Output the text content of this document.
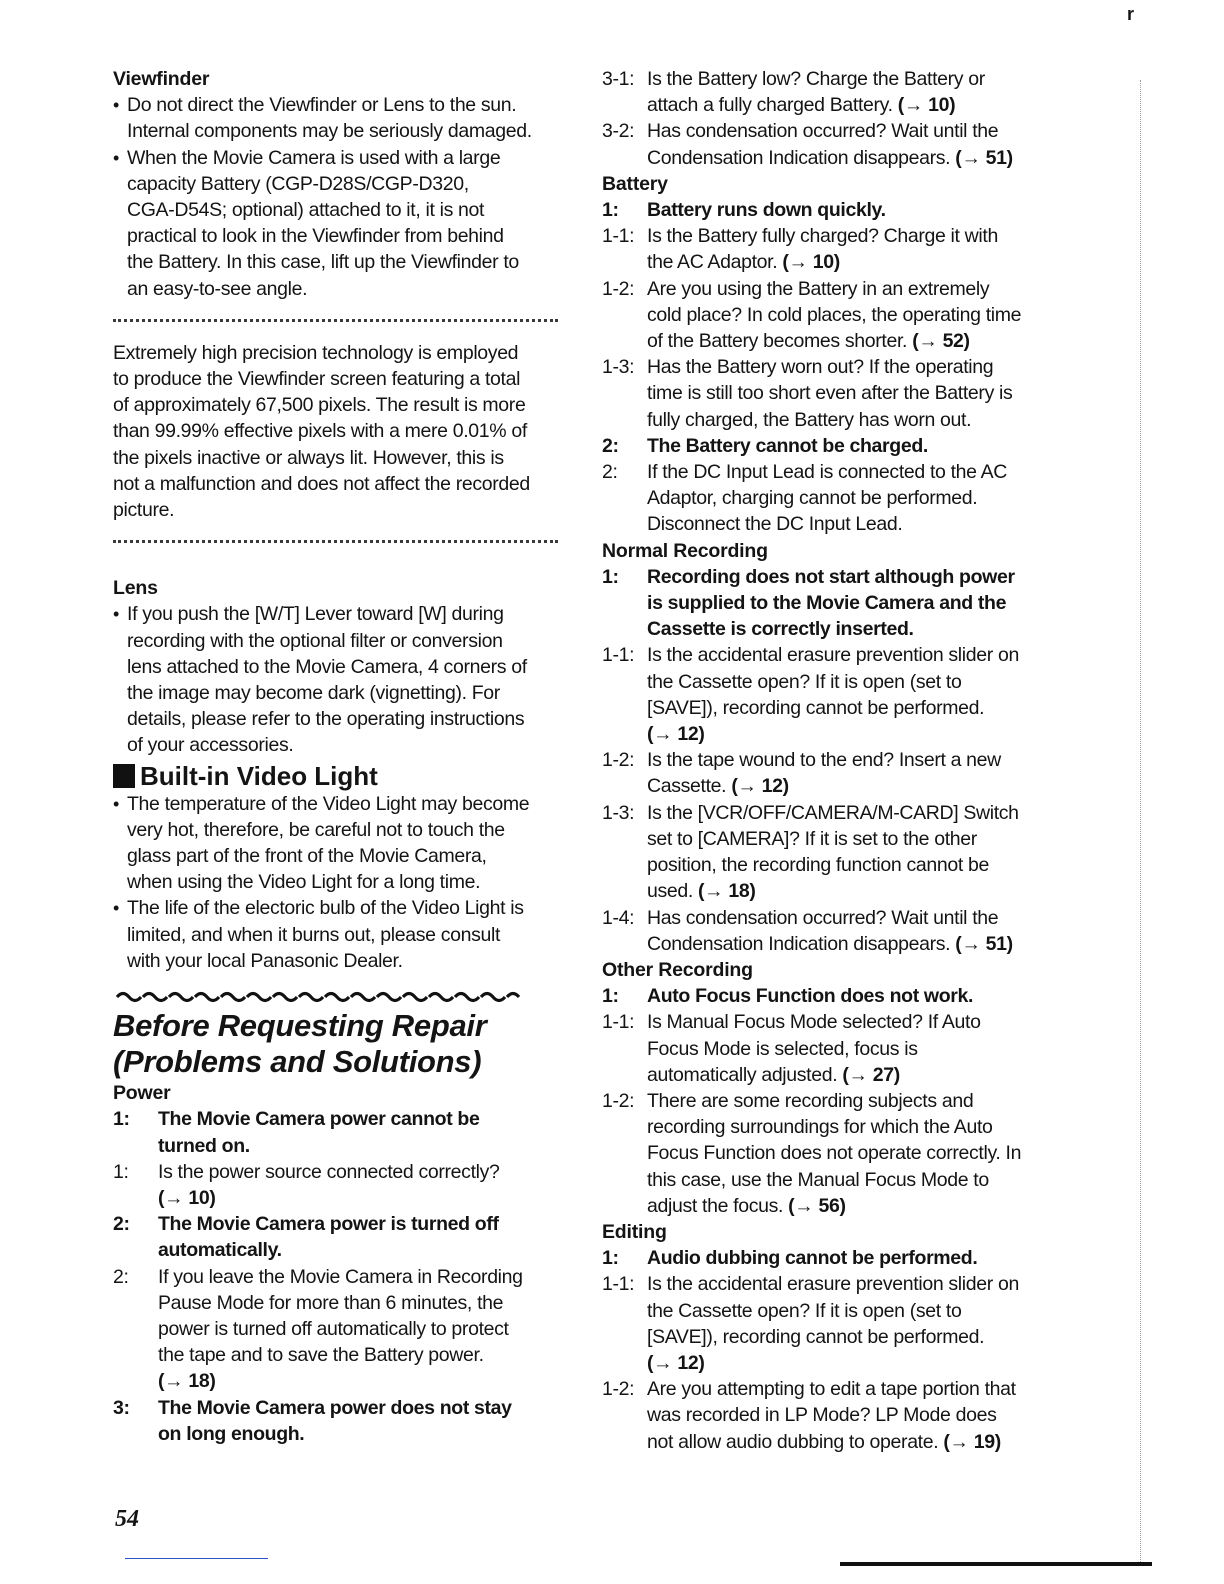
Viewfinder
• Do not direct the Viewfinder or Lens to the sun.
Internal components may be seriously damaged.
• When the Movie Camera is used with a large
capacity Battery (CGP-D28S/CGP-D320,
CGA-D54S; optional) attached to it, it is not
practical to look in the Viewfinder from behind
the Battery. In this case, lift up the Viewfinder to
an easy-to-see angle.
Extremely high precision technology is employed
to produce the Viewfinder screen featuring a total
of approximately 67,500 pixels. The result is more
than 99.99% effective pixels with a mere 0.01% of
the pixels inactive or always lit. However, this is
not a malfunction and does not affect the recorded
picture.
Lens
• If you push the [W/T] Lever toward [W] during
recording with the optional filter or conversion
lens attached to the Movie Camera, 4 corners of
the image may become dark (vignetting). For
details, please refer to the operating instructions
of your accessories.
Built-in Video Light
• The temperature of the Video Light may become
very hot, therefore, be careful not to touch the
glass part of the front of the Movie Camera,
when using the Video Light for a long time.
• The life of the electoric bulb of the Video Light is
limited, and when it burns out, please consult
with your local Panasonic Dealer.
Before Requesting Repair
(Problems and Solutions)
Power
1:	The Movie Camera power cannot be
turned on.
1:	Is the power source connected correctly?
(→ 10)
2:	The Movie Camera power is turned off
automatically.
2:	If you leave the Movie Camera in Recording
Pause Mode for more than 6 minutes, the
power is turned off automatically to protect
the tape and to save the Battery power.
(→ 18)
3:	The Movie Camera power does not stay
on long enough.
3-1: Is the Battery low? Charge the Battery or
attach a fully charged Battery. (→ 10)
3-2: Has condensation occurred? Wait until the
Condensation Indication disappears. (→ 51)
Battery
1:	Battery runs down quickly.
1-1: Is the Battery fully charged? Charge it with
the AC Adaptor. (→ 10)
1-2: Are you using the Battery in an extremely
cold place? In cold places, the operating time
of the Battery becomes shorter. (→ 52)
1-3: Has the Battery worn out? If the operating
time is still too short even after the Battery is
fully charged, the Battery has worn out.
2:	The Battery cannot be charged.
2:	If the DC Input Lead is connected to the AC
Adaptor, charging cannot be performed.
Disconnect the DC Input Lead.
Normal Recording
1:	Recording does not start although power
is supplied to the Movie Camera and the
Cassette is correctly inserted.
1-1: Is the accidental erasure prevention slider on
the Cassette open? If it is open (set to
[SAVE]), recording cannot be performed.
(→ 12)
1-2: Is the tape wound to the end? Insert a new
Cassette. (→ 12)
1-3: Is the [VCR/OFF/CAMERA/M-CARD] Switch
set to [CAMERA]? If it is set to the other
position, the recording function cannot be
used. (→ 18)
1-4: Has condensation occurred? Wait until the
Condensation Indication disappears. (→ 51)
Other Recording
1:	Auto Focus Function does not work.
1-1: Is Manual Focus Mode selected? If Auto
Focus Mode is selected, focus is
automatically adjusted. (→ 27)
1-2: There are some recording subjects and
recording surroundings for which the Auto
Focus Function does not operate correctly. In
this case, use the Manual Focus Mode to
adjust the focus. (→ 56)
Editing
1:	Audio dubbing cannot be performed.
1-1: Is the accidental erasure prevention slider on
the Cassette open? If it is open (set to
[SAVE]), recording cannot be performed.
(→ 12)
1-2: Are you attempting to edit a tape portion that
was recorded in LP Mode? LP Mode does
not allow audio dubbing to operate. (→ 19)
r
54
